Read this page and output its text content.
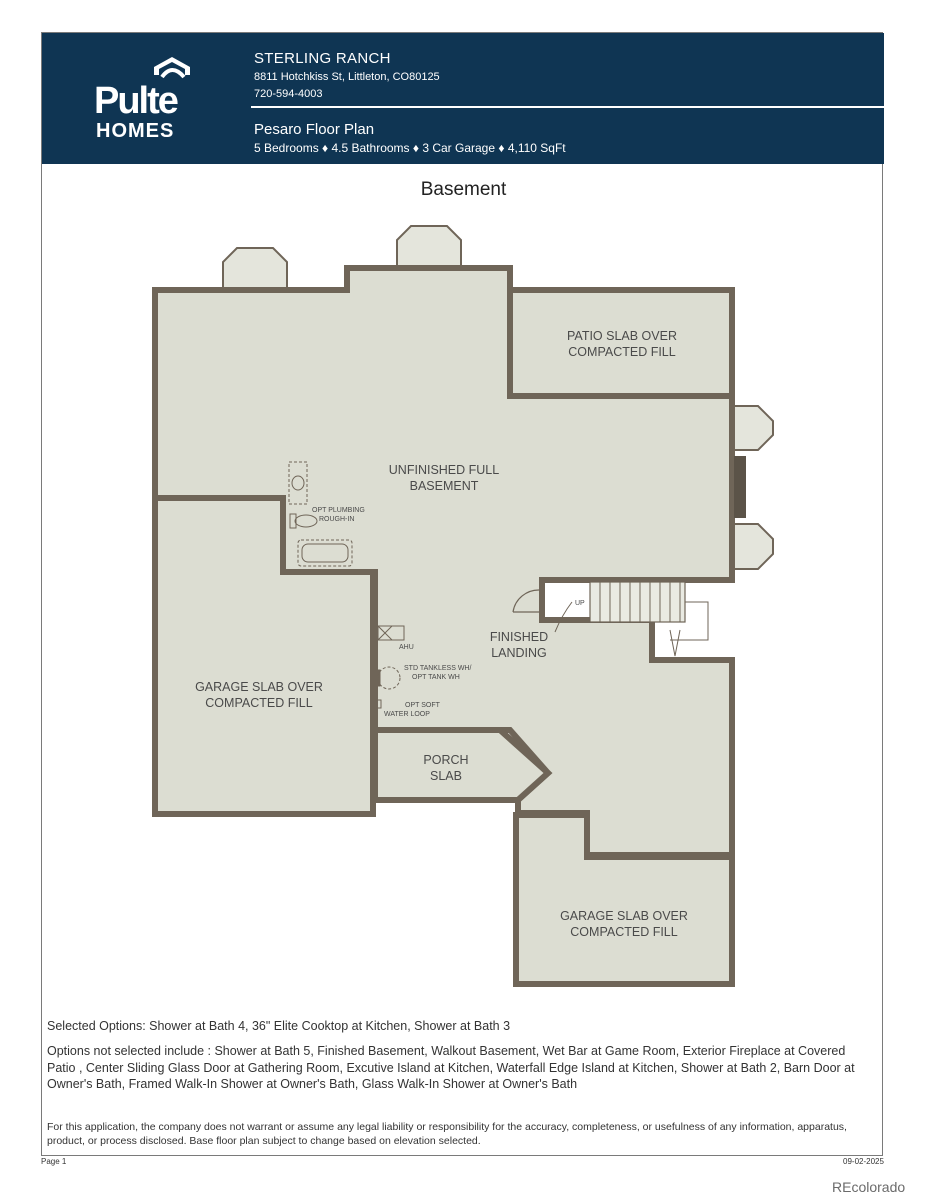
Pulte
HOMES
STERLING RANCH
8811 Hotchkiss St, Littleton, CO80125
720-594-4003
Pesaro Floor Plan
5 Bedrooms ♦ 4.5 Bathrooms ♦ 3 Car Garage ♦ 4,110 SqFt
Basement
PATIO SLAB OVER
COMPACTED FILL
UNFINISHED FULL
BASEMENT
GARAGE SLAB OVER
COMPACTED FILL
PORCH
SLAB
GARAGE SLAB OVER
COMPACTED FILL
FINISHED
LANDING
OPT PLUMBING
ROUGH-IN
AHU
STD TANKLESS WH/
OPT TANK WH
OPT SOFT
WATER LOOP
UP
Selected Options: Shower at Bath 4, 36" Elite Cooktop at Kitchen, Shower at Bath 3
Options not selected include : Shower at Bath 5, Finished Basement, Walkout Basement, Wet Bar at Game Room, Exterior Fireplace at Covered Patio , Center Sliding Glass Door at Gathering Room, Excutive Island at Kitchen, Waterfall Edge Island at Kitchen, Shower at Bath 2, Barn Door at Owner's Bath, Framed Walk-In Shower at Owner's Bath, Glass Walk-In Shower at Owner's Bath
For this application, the company does not warrant or assume any legal liability or responsibility for the accuracy, completeness, or usefulness of any information, apparatus, product, or process disclosed. Base floor plan subject to change based on elevation selected.
Page 1	09-02-2025
REcolorado
